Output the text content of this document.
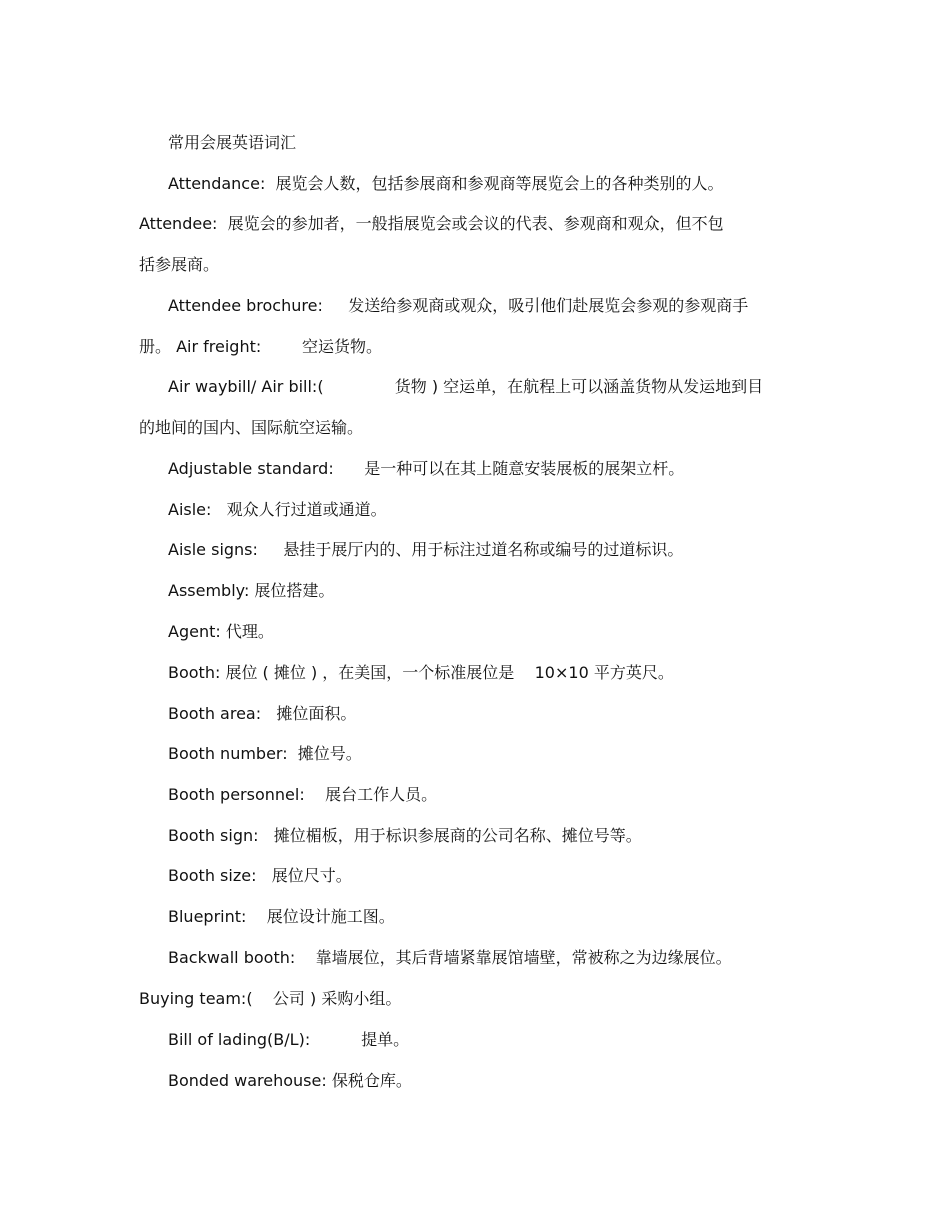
常用会展英语词汇
Attendance:  展览会人数，包括参展商和参观商等展览会上的各种类别的人。
Attendee:  展览会的参加者，一般指展览会或会议的代表、参观商和观众，但不包
括参展商。
Attendee brochure:     发送给参观商或观众，吸引他们赴展览会参观的参观商手
册。 Air freight:        空运货物。
Air waybill/ Air bill:(              货物 ) 空运单，在航程上可以涵盖货物从发运地到目
的地间的国内、国际航空运输。
Adjustable standard:      是一种可以在其上随意安装展板的展架立杆。
Aisle:   观众人行过道或通道。
Aisle signs:     悬挂于展厅内的、用于标注过道名称或编号的过道标识。
Assembly: 展位搭建。
Agent: 代理。
Booth: 展位 ( 摊位 ) ，在美国，一个标准展位是    10×10 平方英尺。
Booth area:   摊位面积。
Booth number:  摊位号。
Booth personnel:    展台工作人员。
Booth sign:   摊位楣板，用于标识参展商的公司名称、摊位号等。
Booth size:   展位尺寸。
Blueprint:    展位设计施工图。
Backwall booth:    靠墙展位，其后背墙紧靠展馆墙壁，常被称之为边缘展位。
Buying team:(    公司 ) 采购小组。
Bill of lading(B/L):          提单。
Bonded warehouse: 保税仓库。
